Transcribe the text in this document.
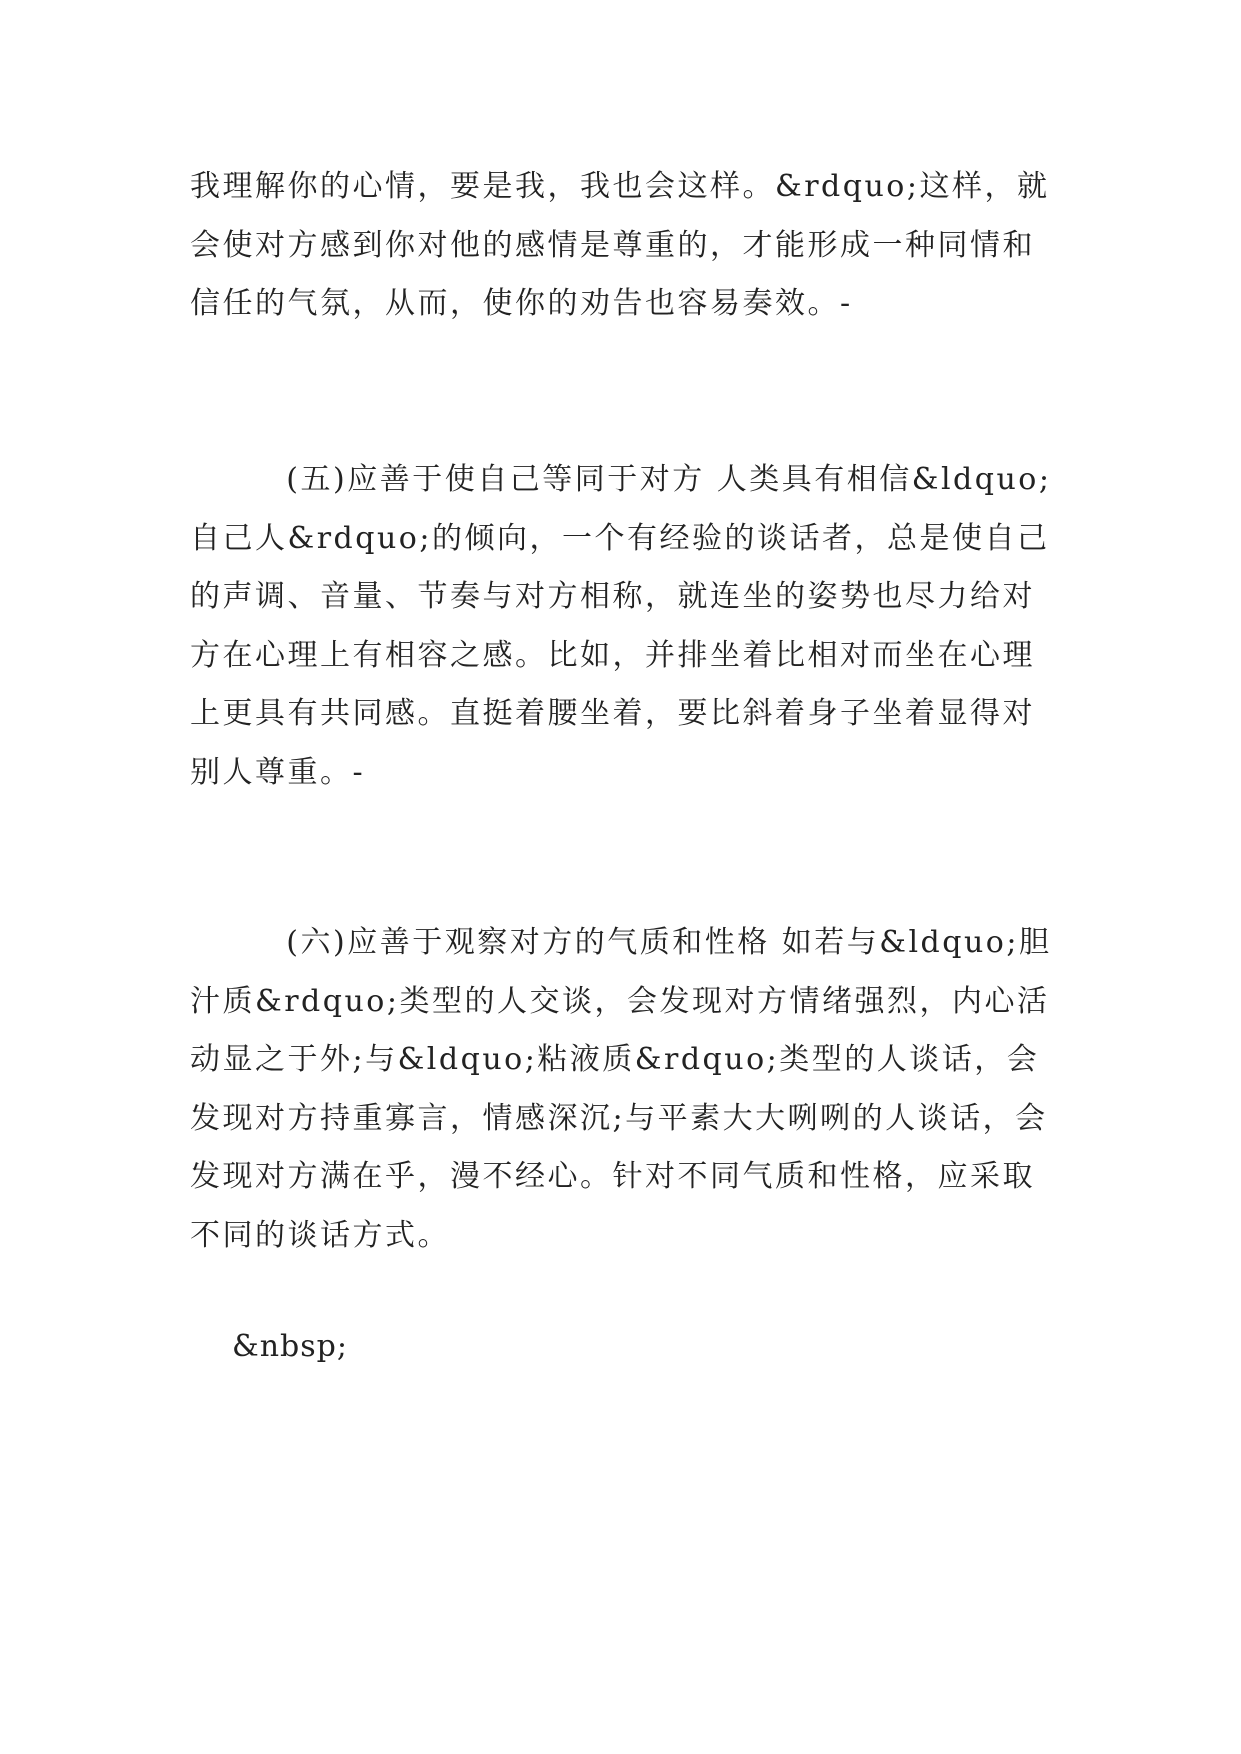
我理解你的心情，要是我，我也会这样。&rdquo;这样，就会使对方感到你对他的感情是尊重的，才能形成一种同情和信任的气氛，从而，使你的劝告也容易奏效。-

(五)应善于使自己等同于对方 人类具有相信&ldquo;自己人&rdquo;的倾向，一个有经验的谈话者，总是使自己的声调、音量、节奏与对方相称，就连坐的姿势也尽力给对方在心理上有相容之感。比如，并排坐着比相对而坐在心理上更具有共同感。直挺着腰坐着，要比斜着身子坐着显得对别人尊重。-

(六)应善于观察对方的气质和性格 如若与&ldquo;胆汁质&rdquo;类型的人交谈，会发现对方情绪强烈，内心活动显之于外;与&ldquo;粘液质&rdquo;类型的人谈话，会发现对方持重寡言，情感深沉;与平素大大咧咧的人谈话，会发现对方满在乎，漫不经心。针对不同气质和性格，应采取不同的谈话方式。

&nbsp;
